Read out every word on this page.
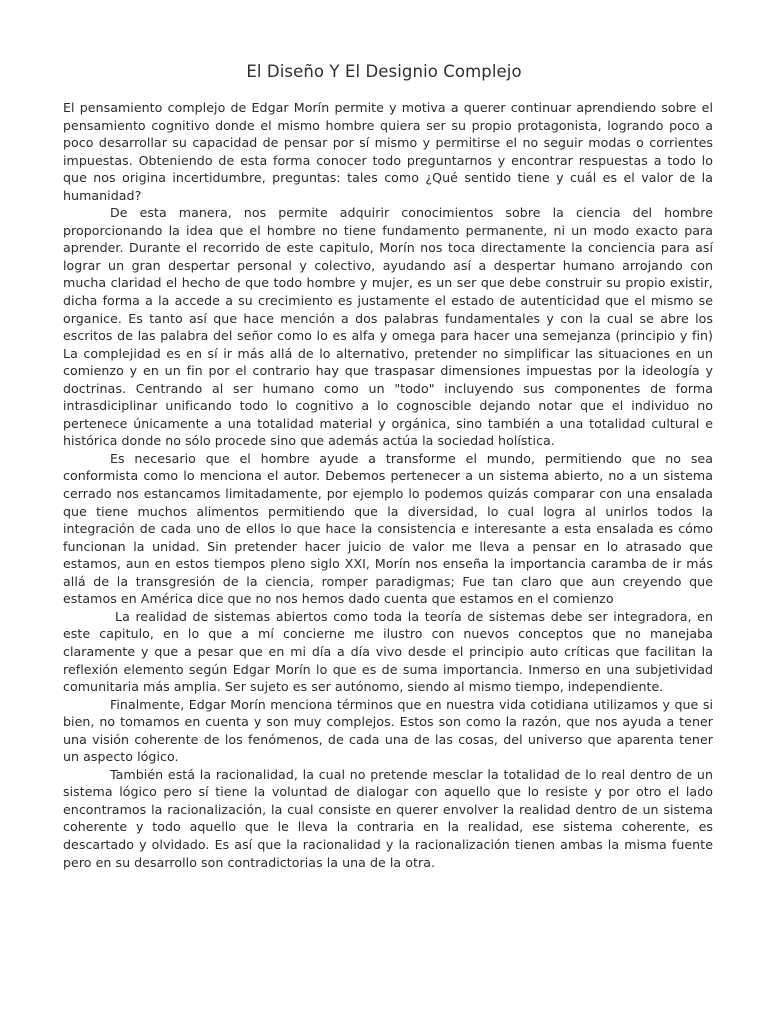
El Diseño Y El Designio Complejo

El pensamiento complejo de Edgar Morín permite y motiva a querer continuar aprendiendo sobre el pensamiento cognitivo donde el mismo hombre quiera ser su propio protagonista, logrando poco a poco desarrollar su capacidad de pensar por sí mismo y permitirse el no seguir modas o corrientes impuestas. Obteniendo de esta forma conocer todo preguntarnos y encontrar respuestas a todo lo que nos origina incertidumbre, preguntas: tales como ¿Qué sentido tiene y cuál es el valor de la humanidad?

De esta manera, nos permite adquirir conocimientos sobre la ciencia del hombre proporcionando la idea que el hombre no tiene fundamento permanente, ni un modo exacto para aprender. Durante el recorrido de este capitulo, Morín nos toca directamente la conciencia para así lograr un gran despertar personal y colectivo, ayudando así a despertar humano arrojando con mucha claridad el hecho de que todo hombre y mujer, es un ser que debe construir su propio existir, dicha forma a la accede a su crecimiento es justamente el estado de autenticidad que el mismo se organice. Es tanto así que hace mención a dos palabras fundamentales y con la cual se abre los escritos de las palabra del señor como lo es alfa y omega para hacer una semejanza (principio y fin) La complejidad es en sí ir más allá de lo alternativo, pretender no simplificar las situaciones en un comienzo y en un fin por el contrario hay que traspasar dimensiones impuestas por la ideología y doctrinas. Centrando al ser humano como un "todo" incluyendo sus componentes de forma intrasdiciplinar unificando todo lo cognitivo a lo cognoscible dejando notar que el individuo no pertenece únicamente a una totalidad material y orgánica, sino también a una totalidad cultural e histórica donde no sólo procede sino que además actúa la sociedad holística.

Es necesario que el hombre ayude a transforme el mundo, permitiendo que no sea conformista como lo menciona el autor. Debemos pertenecer a un sistema abierto, no a un sistema cerrado nos estancamos limitadamente, por ejemplo lo podemos quizás comparar con una ensalada que tiene muchos alimentos permitiendo que la diversidad, lo cual logra al unirlos todos la integración de cada uno de ellos lo que hace la consistencia e interesante a esta ensalada es cómo funcionan la unidad. Sin pretender hacer juicio de valor me lleva a pensar en lo atrasado que estamos, aun en estos tiempos pleno siglo XXI, Morín nos enseña la importancia caramba de ir más allá de la transgresión de la ciencia, romper paradigmas; Fue tan claro que aun creyendo que estamos en América dice que no nos hemos dado cuenta que estamos en el comienzo

La realidad de sistemas abiertos como toda la teoría de sistemas debe ser integradora, en este capitulo, en lo que a mí concierne me ilustro con nuevos conceptos que no manejaba claramente y que a pesar que en mi día a día vivo desde el principio auto críticas que facilitan la reflexión elemento según Edgar Morín lo que es de suma importancia. Inmerso en una subjetividad comunitaria más amplia. Ser sujeto es ser autónomo, siendo al mismo tiempo, independiente.

Finalmente, Edgar Morín menciona términos que en nuestra vida cotidiana utilizamos y que si bien, no tomamos en cuenta y son muy complejos. Estos son como la razón, que nos ayuda a tener una visión coherente de los fenómenos, de cada una de las cosas, del universo que aparenta tener un aspecto lógico.

También está la racionalidad, la cual no pretende mesclar la totalidad de lo real dentro de un sistema lógico pero sí tiene la voluntad de dialogar con aquello que lo resiste y por otro el lado encontramos la racionalización, la cual consiste en querer envolver la realidad dentro de un sistema coherente y todo aquello que le lleva la contraria en la realidad, ese sistema coherente, es descartado y olvidado. Es así que la racionalidad y la racionalización tienen ambas la misma fuente pero en su desarrollo son contradictorias la una de la otra.
